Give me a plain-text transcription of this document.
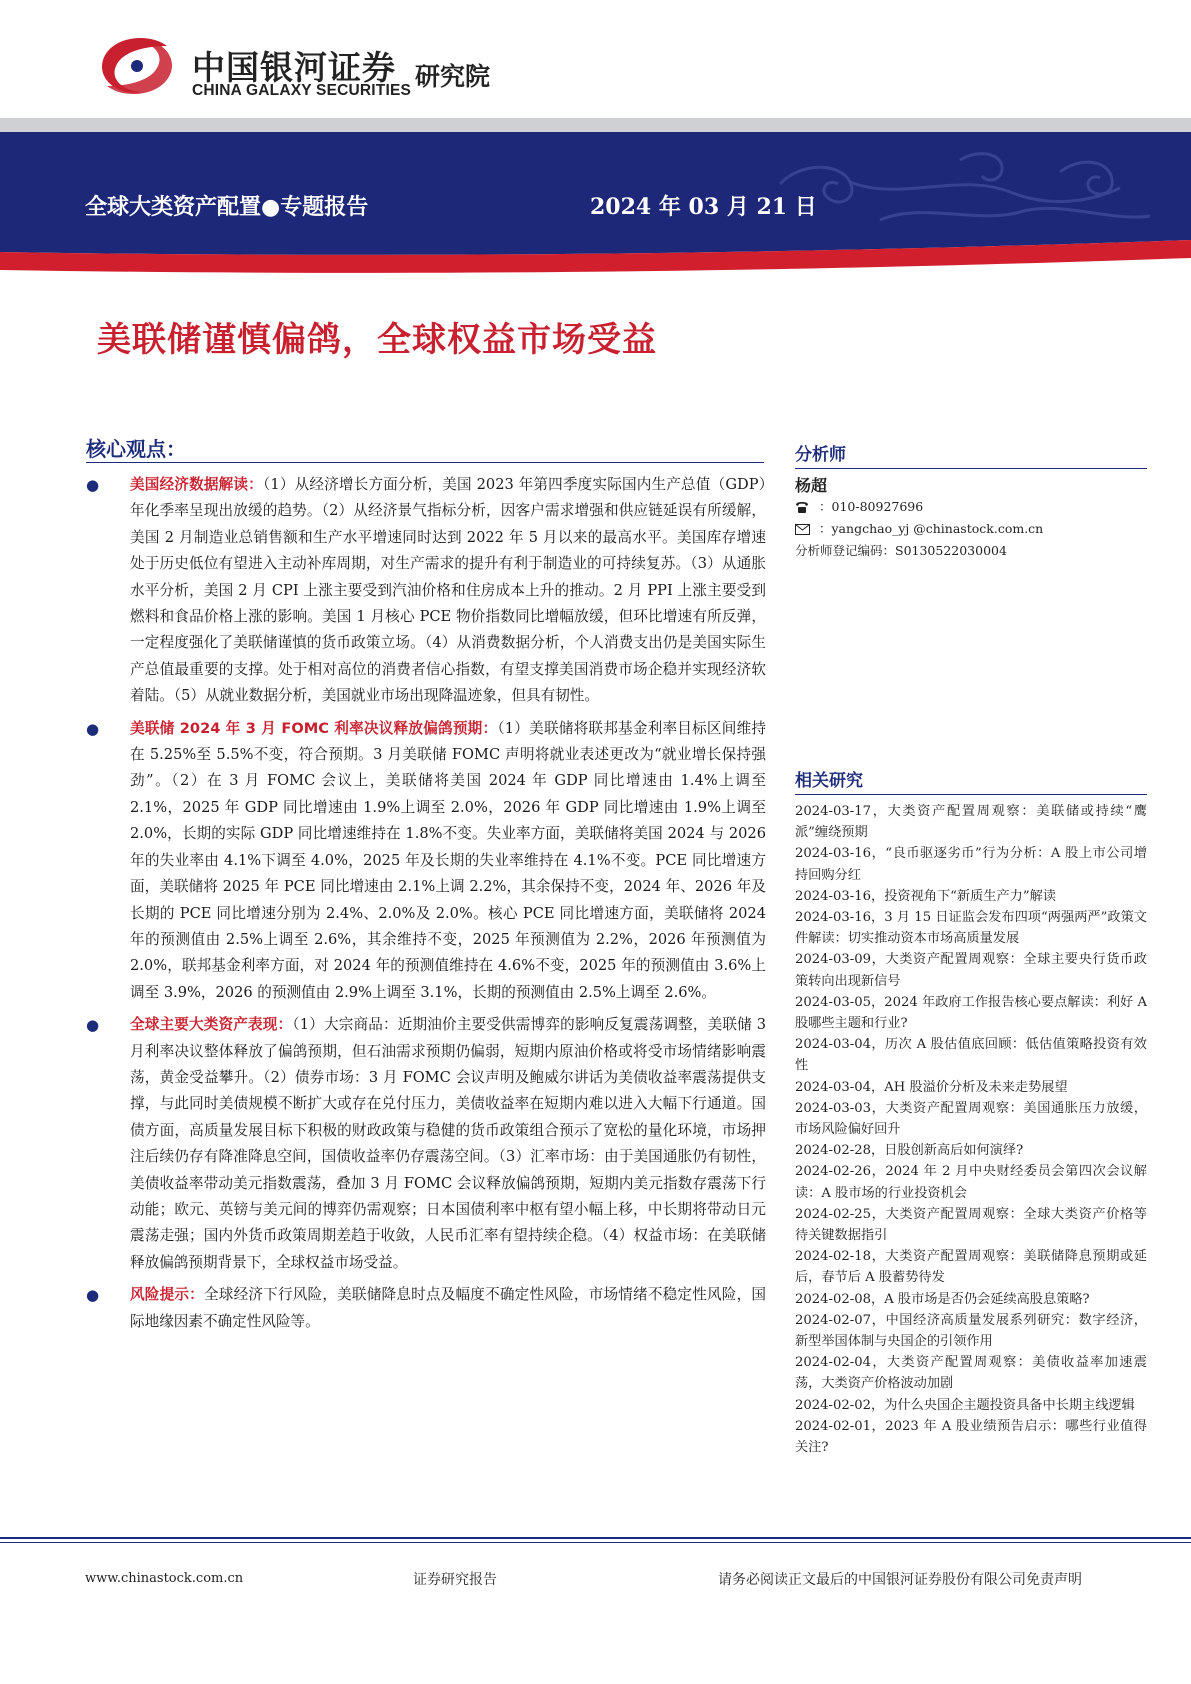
中国银河证券
CHINA GALAXY SECURITIES 研究院
全球大类资产配置●专题报告	2024 年 03 月 21 日
美联储谨慎偏鸽，全球权益市场受益
核心观点：
● 美国经济数据解读：（1）从经济增长方面分析，美国 2023 年第四季度实际国内生产总值（GDP）年化季率呈现出放缓的趋势。（2）从经济景气指标分析，因客户需求增强和供应链延误有所缓解，美国 2 月制造业总销售额和生产水平增速同时达到 2022 年 5 月以来的最高水平。美国库存增速处于历史低位有望进入主动补库周期，对生产需求的提升有利于制造业的可持续复苏。（3）从通胀水平分析，美国 2 月 CPI 上涨主要受到汽油价格和住房成本上升的推动。2 月 PPI 上涨主要受到燃料和食品价格上涨的影响。美国 1 月核心 PCE 物价指数同比增幅放缓，但环比增速有所反弹，一定程度强化了美联储谨慎的货币政策立场。（4）从消费数据分析，个人消费支出仍是美国实际生产总值最重要的支撑。处于相对高位的消费者信心指数，有望支撑美国消费市场企稳并实现经济软着陆。（5）从就业数据分析，美国就业市场出现降温迹象，但具有韧性。
● 美联储 2024 年 3 月 FOMC 利率决议释放偏鸽预期：（1）美联储将联邦基金利率目标区间维持在 5.25%至 5.5%不变，符合预期。3 月美联储 FOMC 声明将就业表述更改为“就业增长保持强劲”。（2）在 3 月 FOMC 会议上，美联储将美国 2024 年 GDP 同比增速由 1.4%上调至 2.1%，2025 年 GDP 同比增速由 1.9%上调至 2.0%，2026 年 GDP 同比增速由 1.9%上调至 2.0%，长期的实际 GDP 同比增速维持在 1.8%不变。失业率方面，美联储将美国 2024 与 2026 年的失业率由 4.1%下调至 4.0%，2025 年及长期的失业率维持在 4.1%不变。PCE 同比增速方面，美联储将 2025 年 PCE 同比增速由 2.1%上调 2.2%，其余保持不变，2024 年、2026 年及长期的 PCE 同比增速分别为 2.4%、2.0%及 2.0%。核心 PCE 同比增速方面，美联储将 2024 年的预测值由 2.5%上调至 2.6%，其余维持不变，2025 年预测值为 2.2%，2026 年预测值为 2.0%，联邦基金利率方面，对 2024 年的预测值维持在 4.6%不变，2025 年的预测值由 3.6%上调至 3.9%，2026 的预测值由 2.9%上调至 3.1%，长期的预测值由 2.5%上调至 2.6%。
● 全球主要大类资产表现：（1）大宗商品：近期油价主要受供需博弈的影响反复震荡调整，美联储 3 月利率决议整体释放了偏鸽预期，但石油需求预期仍偏弱，短期内原油价格或将受市场情绪影响震荡，黄金受益攀升。（2）债券市场：3 月 FOMC 会议声明及鲍威尔讲话为美债收益率震荡提供支撑，与此同时美债规模不断扩大或存在兑付压力，美债收益率在短期内难以进入大幅下行通道。国债方面，高质量发展目标下积极的财政政策与稳健的货币政策组合预示了宽松的量化环境，市场押注后续仍存有降准降息空间，国债收益率仍存震荡空间。（3）汇率市场：由于美国通胀仍有韧性，美债收益率带动美元指数震荡，叠加 3 月 FOMC 会议释放偏鸽预期，短期内美元指数存震荡下行动能；欧元、英镑与美元间的博弈仍需观察；日本国债利率中枢有望小幅上移，中长期将带动日元震荡走强；国内外货币政策周期差趋于收敛，人民币汇率有望持续企稳。（4）权益市场：在美联储释放偏鸽预期背景下，全球权益市场受益。
● 风险提示：全球经济下行风险，美联储降息时点及幅度不确定性风险，市场情绪不稳定性风险，国际地缘因素不确定性风险等。
分析师
杨超
：010-80927696
：yangchao_yj @chinastock.com.cn
分析师登记编码：S0130522030004
相关研究
2024-03-17，大类资产配置周观察：美联储或持续“鹰派”缠绕预期
2024-03-16，“良币驱逐劣币”行为分析：A 股上市公司增持回购分红
2024-03-16，投资视角下“新质生产力”解读
2024-03-16，3 月 15 日证监会发布四项“两强两严”政策文件解读：切实推动资本市场高质量发展
2024-03-09，大类资产配置周观察：全球主要央行货币政策转向出现新信号
2024-03-05，2024 年政府工作报告核心要点解读：利好 A 股哪些主题和行业?
2024-03-04，历次 A 股估值底回顾：低估值策略投资有效性
2024-03-04，AH 股溢价分析及未来走势展望
2024-03-03，大类资产配置周观察：美国通胀压力放缓，市场风险偏好回升
2024-02-28，日股创新高后如何演绎?
2024-02-26，2024 年 2 月中央财经委员会第四次会议解读：A 股市场的行业投资机会
2024-02-25，大类资产配置周观察：全球大类资产价格等待关键数据指引
2024-02-18，大类资产配置周观察：美联储降息预期或延后，春节后 A 股蓄势待发
2024-02-08，A 股市场是否仍会延续高股息策略?
2024-02-07，中国经济高质量发展系列研究：数字经济，新型举国体制与央国企的引领作用
2024-02-04，大类资产配置周观察：美债收益率加速震荡，大类资产价格波动加剧
2024-02-02，为什么央国企主题投资具备中长期主线逻辑
2024-02-01，2023 年 A 股业绩预告启示：哪些行业值得关注?
www.chinastock.com.cn	证券研究报告	请务必阅读正文最后的中国银河证券股份有限公司免责声明
